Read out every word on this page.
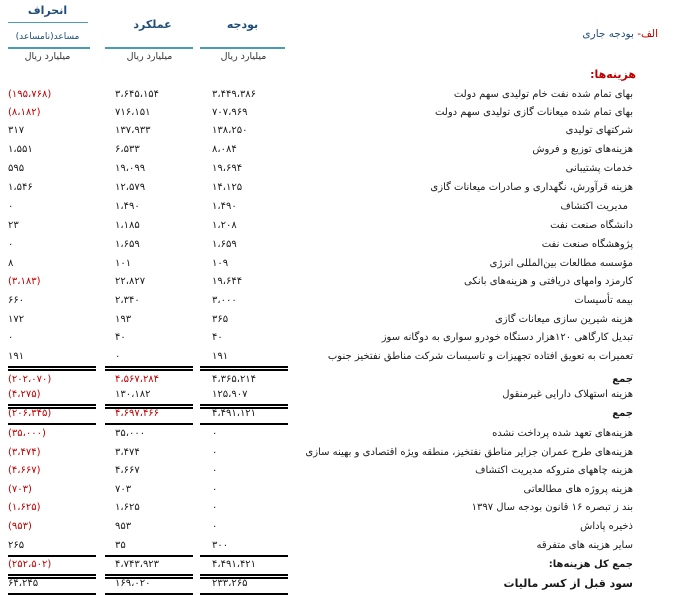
انحراف
مساعد(نامساعد)
عملکرد	بودجه
میلیارد ریال	میلیارد ریال	میلیارد ریال
الف- بودجه جاری
هزینه‌ها:
(۱۹۵،۷۶۸)	۳،۶۴۵،۱۵۴	۳،۴۴۹،۳۸۶	بهای تمام شده نفت خام تولیدی سهم دولت
(۸،۱۸۲)	۷۱۶،۱۵۱	۷۰۷،۹۶۹	بهای تمام شده میعانات گازی تولیدی سهم دولت
۳۱۷	۱۳۷،۹۳۳	۱۳۸،۲۵۰	شرکتهای تولیدی
۱،۵۵۱	۶،۵۳۳	۸،۰۸۴	هزینه‌های توزیع و فروش
۵۹۵	۱۹،۰۹۹	۱۹،۶۹۴	خدمات پشتیبانی
۱،۵۴۶	۱۲،۵۷۹	۱۴،۱۲۵	هزینه قرآورش، نگهداری و صادرات میعانات گازی
۰	۱،۴۹۰	۱،۴۹۰	مدیریت اکتشاف
۲۳	۱،۱۸۵	۱،۲۰۸	دانشگاه صنعت نفت
۰	۱،۶۵۹	۱،۶۵۹	پژوهشگاه صنعت نفت
۸	۱۰۱	۱۰۹	مؤسسه مطالعات بین‌المللی انرژی
(۳،۱۸۳)	۲۲،۸۲۷	۱۹،۶۴۴	کارمزد وامهای دریافتی و هزینه‌های بانکی
۶۶۰	۲،۳۴۰	۳،۰۰۰	بیمه تأسیسات
۱۷۲	۱۹۳	۳۶۵	هزینه شیرین سازی میعانات گازی
۰	۴۰	۴۰	تبدیل کارگاهی ۱۲۰هزار دستگاه خودرو سواری به دوگانه سوز
۱۹۱	۰	۱۹۱	تعمیرات به تعویق افتاده تجهیزات و تاسیسات شرکت مناطق نفتخیز جنوب
(۲۰۲،۰۷۰)	۴،۵۶۷،۲۸۴	۴،۳۶۵،۲۱۴	جمع
(۴،۲۷۵)	۱۳۰،۱۸۲	۱۲۵،۹۰۷	هزینه استهلاک دارایی غیرمنقول
(۲۰۶،۳۴۵)	۴،۶۹۷،۴۶۶	۴،۴۹۱،۱۲۱	جمع
(۳۵،۰۰۰)	۳۵،۰۰۰	۰	هزینه‌های تعهد شده پرداخت نشده
(۳،۴۷۴)	۳،۴۷۴	۰	هزینه‌های طرح عمران جزایر مناطق نفتخیز، منطقه ویژه اقتصادی و بهینه سازی
(۴،۶۶۷)	۴،۶۶۷	۰	هزینه چاههای متروکه مدیریت اکتشاف
(۷۰۳)	۷۰۳	۰	هزینه پروژه های مطالعاتی
(۱،۶۲۵)	۱،۶۲۵	۰	بند ز تبصره ۱۶ قانون بودجه سال ۱۳۹۷
(۹۵۳)	۹۵۳	۰	ذخیره پاداش
۲۶۵	۳۵	۳۰۰	سایر هزینه های متفرقه
(۲۵۲،۵۰۲)	۴،۷۴۳،۹۲۳	۴،۴۹۱،۴۲۱	جمع کل هزینه‌ها:
۶۴،۲۴۵	۱۶۹،۰۲۰	۲۳۳،۲۶۵	سود قبل از کسر مالیات
